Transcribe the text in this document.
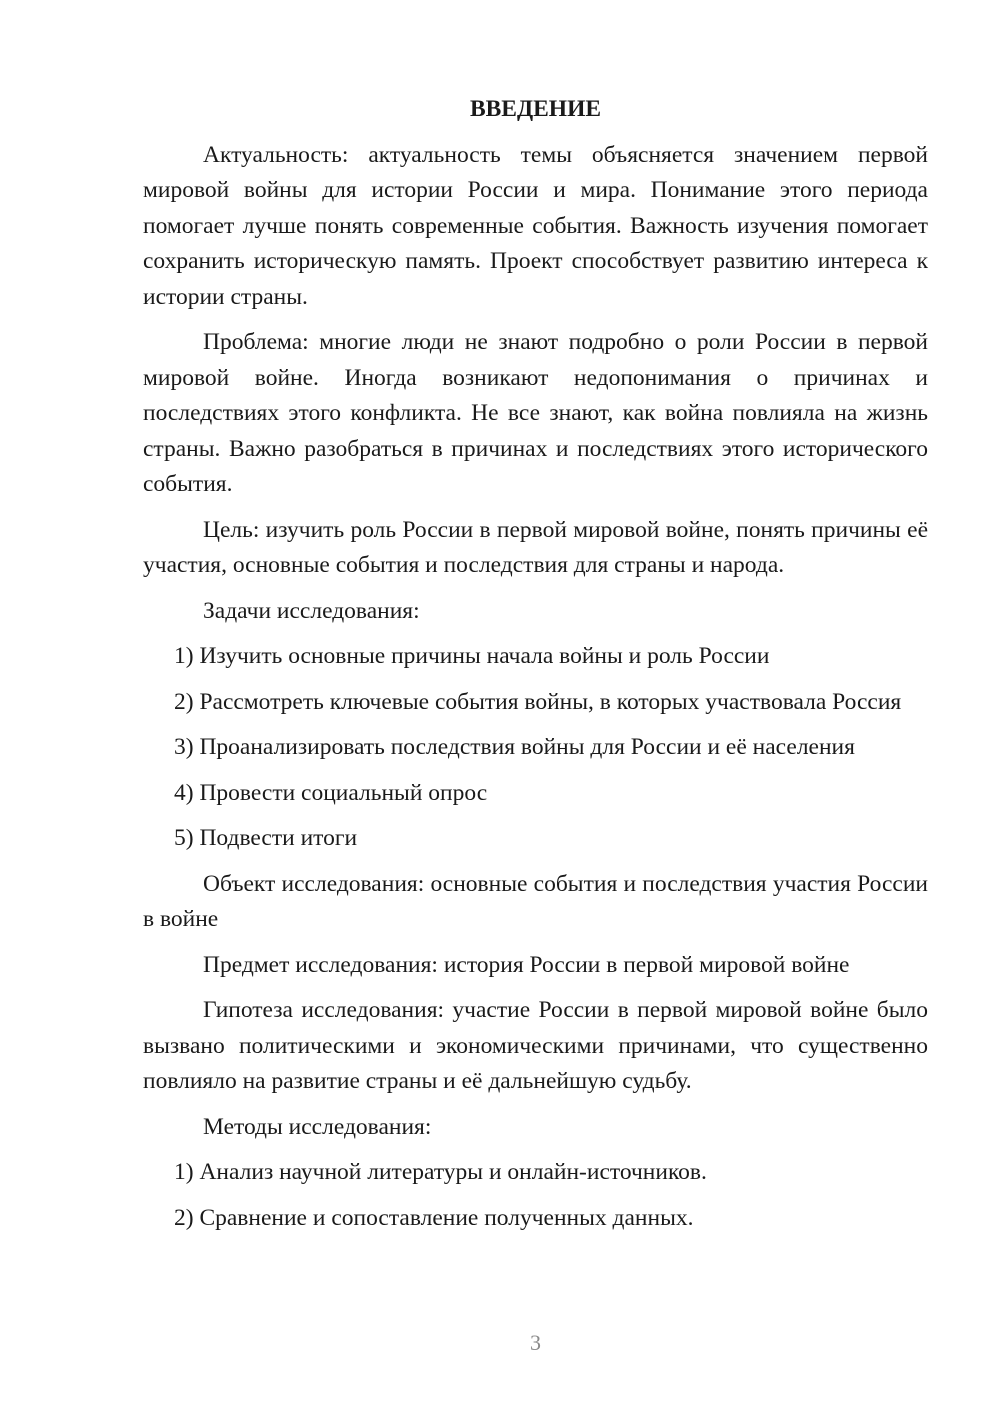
ВВЕДЕНИЕ

Актуальность: актуальность темы объясняется значением первой мировой войны для истории России и мира. Понимание этого периода помогает лучше понять современные события. Важность изучения помогает сохранить историческую память. Проект способствует развитию интереса к истории страны.

Проблема: многие люди не знают подробно о роли России в первой мировой войне. Иногда возникают недопонимания о причинах и последствиях этого конфликта. Не все знают, как война повлияла на жизнь страны. Важно разобраться в причинах и последствиях этого исторического события.

Цель: изучить роль России в первой мировой войне, понять причины её участия, основные события и последствия для страны и народа.

Задачи исследования:

1) Изучить основные причины начала войны и роль России

2) Рассмотреть ключевые события войны, в которых участвовала Россия

3) Проанализировать последствия войны для России и её населения

4) Провести социальный опрос

5) Подвести итоги

Объект исследования: основные события и последствия участия России в войне

Предмет исследования: история России в первой мировой войне

Гипотеза исследования: участие России в первой мировой войне было вызвано политическими и экономическими причинами, что существенно повлияло на развитие страны и её дальнейшую судьбу.

Методы исследования:

1) Анализ научной литературы и онлайн-источников.

2) Сравнение и сопоставление полученных данных.

3
